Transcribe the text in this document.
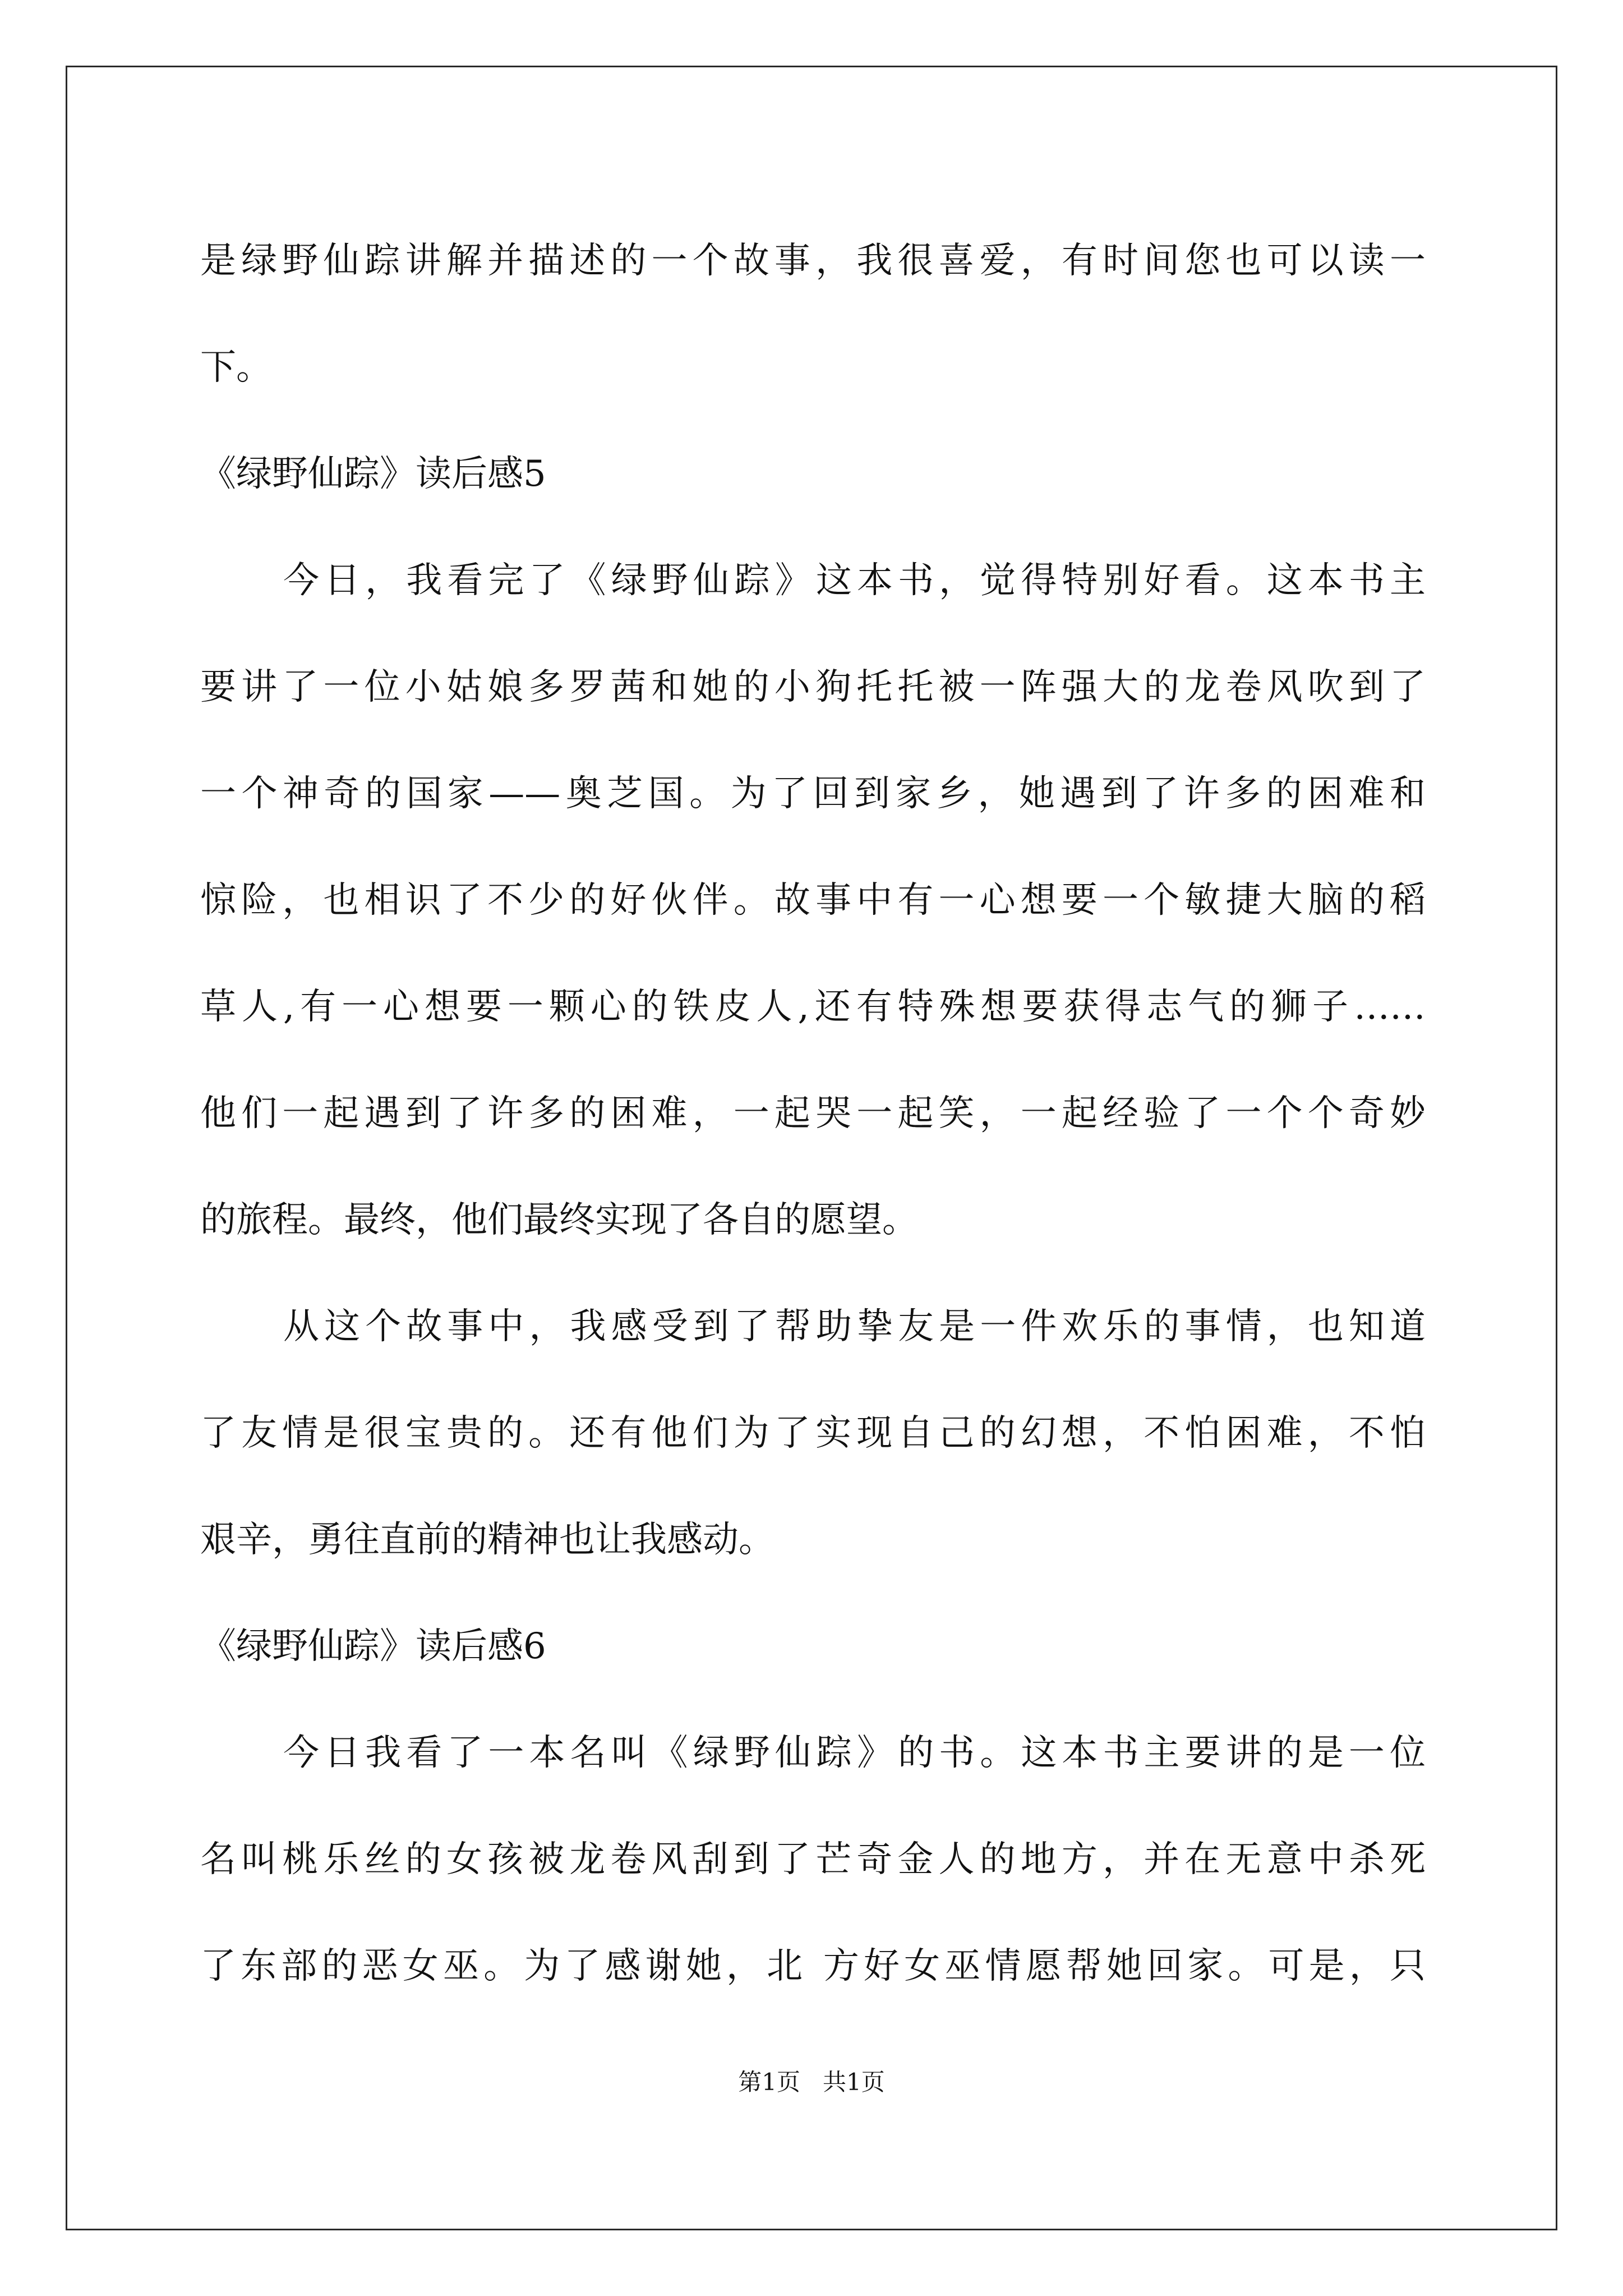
是绿野仙踪讲解并描述的一个故事，我很喜爱，有时间您也可以读一
下。
《绿野仙踪》读后感5
今日，我看完了《绿野仙踪》这本书，觉得特别好看。这本书主
要讲了一位小姑娘多罗茜和她的小狗托托被一阵强大的龙卷风吹到了
一个神奇的国家——奥芝国。为了回到家乡，她遇到了许多的困难和
惊险，也相识了不少的好伙伴。故事中有一心想要一个敏捷大脑的稻
草人,有一心想要一颗心的铁皮人,还有特殊想要获得志气的狮子……
他们一起遇到了许多的困难，一起哭一起笑，一起经验了一个个奇妙
的旅程。最终，他们最终实现了各自的愿望。
从这个故事中，我感受到了帮助挚友是一件欢乐的事情，也知道
了友情是很宝贵的。还有他们为了实现自己的幻想，不怕困难，不怕
艰辛，勇往直前的精神也让我感动。
《绿野仙踪》读后感6
今日我看了一本名叫《绿野仙踪》的书。这本书主要讲的是一位
名叫桃乐丝的女孩被龙卷风刮到了芒奇金人的地方，并在无意中杀死
了东部的恶女巫。为了感谢她，北 方好女巫情愿帮她回家。可是，只
第1页   共1页
